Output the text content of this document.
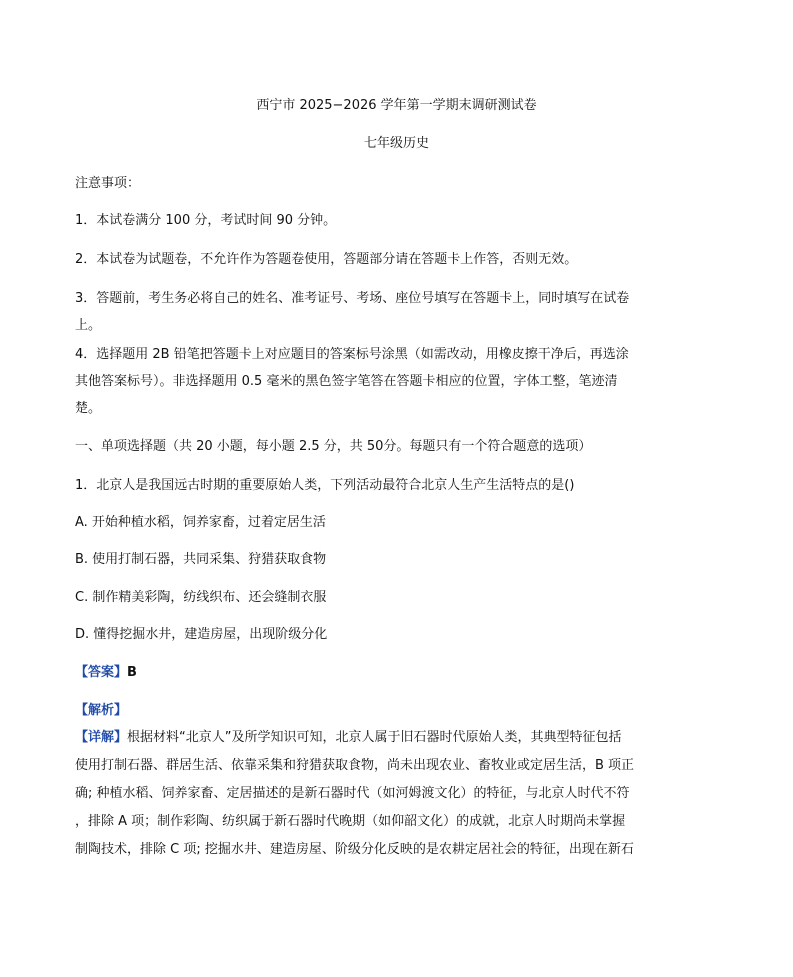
西宁市 2025−2026 学年第一学期末调研测试卷
七年级历史
注意事项：
1．本试卷满分 100 分，考试时间 90 分钟。
2．本试卷为试题卷，不允许作为答题卷使用，答题部分请在答题卡上作答，否则无效。
3．答题前，考生务必将自己的姓名、准考证号、考场、座位号填写在答题卡上，同时填写在试卷
上。
4．选择题用 2B 铅笔把答题卡上对应题目的答案标号涂黑（如需改动，用橡皮擦干净后，再选涂
其他答案标号）。非选择题用 0.5 毫米的黑色签字笔答在答题卡相应的位置，字体工整，笔迹清
楚。
一、单项选择题（共 20 小题，每小题 2.5 分，共 50分。每题只有一个符合题意的选项）
1．北京人是我国远古时期的重要原始人类，下列活动最符合北京人生产生活特点的是()
A. 开始种植水稻，饲养家畜，过着定居生活
B. 使用打制石器，共同采集、狩猎获取食物
C. 制作精美彩陶，纺线织布、还会缝制衣服
D. 懂得挖掘水井，建造房屋，出现阶级分化
【答案】B
【解析】
【详解】根据材料“北京人”及所学知识可知，北京人属于旧石器时代原始人类，其典型特征包括
使用打制石器、群居生活、依靠采集和狩猎获取食物，尚未出现农业、畜牧业或定居生活，B 项正
确; 种植水稻、饲养家畜、定居描述的是新石器时代（如河姆渡文化）的特征，与北京人时代不符
，排除 A 项；制作彩陶、纺织属于新石器时代晚期（如仰韶文化）的成就，北京人时期尚未掌握
制陶技术，排除 C 项; 挖掘水井、建造房屋、阶级分化反映的是农耕定居社会的特征，出现在新石
